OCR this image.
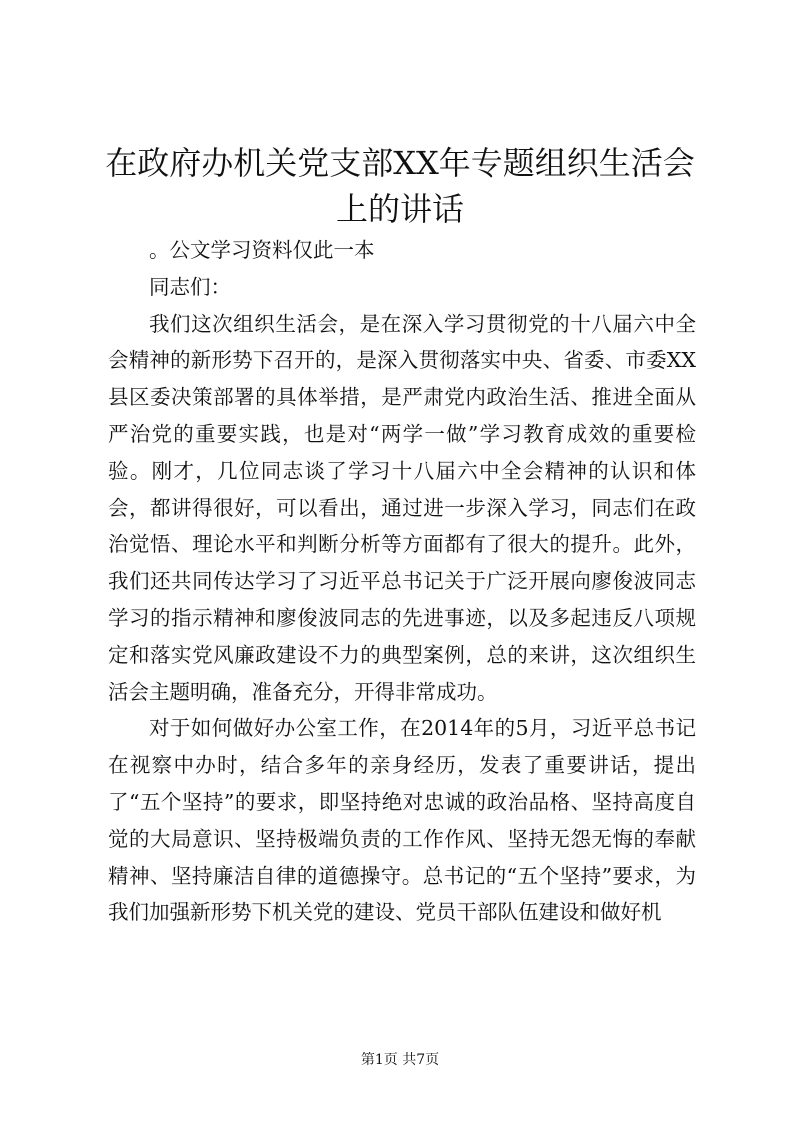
在政府办机关党支部XX年专题组织生活会上的讲话

。公文学习资料仅此一本

同志们：

我们这次组织生活会，是在深入学习贯彻党的十八届六中全会精神的新形势下召开的，是深入贯彻落实中央、省委、市委XX县区委决策部署的具体举措，是严肃党内政治生活、推进全面从严治党的重要实践，也是对“两学一做”学习教育成效的重要检验。刚才，几位同志谈了学习十八届六中全会精神的认识和体会，都讲得很好，可以看出，通过进一步深入学习，同志们在政治觉悟、理论水平和判断分析等方面都有了很大的提升。此外，我们还共同传达学习了习近平总书记关于广泛开展向廖俊波同志学习的指示精神和廖俊波同志的先进事迹，以及多起违反八项规定和落实党风廉政建设不力的典型案例，总的来讲，这次组织生活会主题明确，准备充分，开得非常成功。

对于如何做好办公室工作，在2014年的5月，习近平总书记在视察中办时，结合多年的亲身经历，发表了重要讲话，提出了“五个坚持”的要求，即坚持绝对忠诚的政治品格、坚持高度自觉的大局意识、坚持极端负责的工作作风、坚持无怨无悔的奉献精神、坚持廉洁自律的道德操守。总书记的“五个坚持”要求，为我们加强新形势下机关党的建设、党员干部队伍建设和做好机

第1页 共7页
